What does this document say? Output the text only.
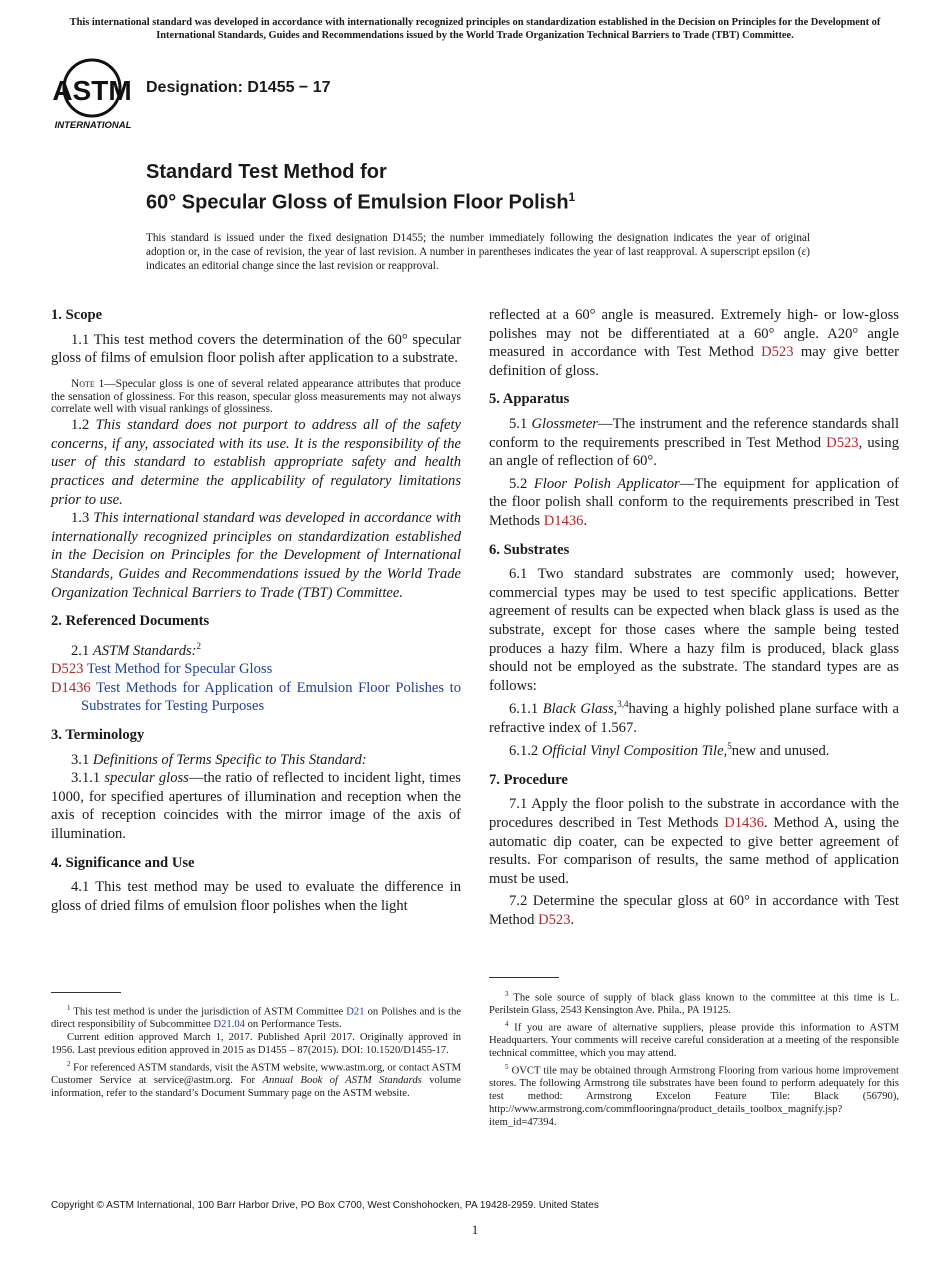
This international standard was developed in accordance with internationally recognized principles on standardization established in the Decision on Principles for the Development of International Standards, Guides and Recommendations issued by the World Trade Organization Technical Barriers to Trade (TBT) Committee.
ASTM
INTERNATIONAL
Designation: D1455 − 17
Standard Test Method for
60° Specular Gloss of Emulsion Floor Polish$^1$
This standard is issued under the fixed designation D1455; the number immediately following the designation indicates the year of original adoption or, in the case of revision, the year of last revision. A number in parentheses indicates the year of last reapproval. A superscript epsilon (ε) indicates an editorial change since the last revision or reapproval.
1. Scope

1.1 This test method covers the determination of the 60° specular gloss of films of emulsion floor polish after application to a substrate.

Note 1—Specular gloss is one of several related appearance attributes that produce the sensation of glossiness. For this reason, specular gloss measurements may not always correlate well with visual rankings of glossiness.

1.2 This standard does not purport to address all of the safety concerns, if any, associated with its use. It is the responsibility of the user of this standard to establish appropriate safety and health practices and determine the applicability of regulatory limitations prior to use.

1.3 This international standard was developed in accordance with internationally recognized principles on standardization established in the Decision on Principles for the Development of International Standards, Guides and Recommendations issued by the World Trade Organization Technical Barriers to Trade (TBT) Committee.

2. Referenced Documents

2.1 ASTM Standards:$^2$

D523 Test Method for Specular Gloss

D1436 Test Methods for Application of Emulsion Floor Polishes to Substrates for Testing Purposes

3. Terminology

3.1 Definitions of Terms Specific to This Standard:

3.1.1 specular gloss—the ratio of reflected to incident light, times 1000, for specified apertures of illumination and reception when the axis of reception coincides with the mirror image of the axis of illumination.

4. Significance and Use

4.1 This test method may be used to evaluate the difference in gloss of dried films of emulsion floor polishes when the light

reflected at a 60° angle is measured. Extremely high- or low-gloss polishes may not be differentiated at a 60° angle. A20° angle measured in accordance with Test Method D523 may give better definition of gloss.

5. Apparatus

5.1 Glossmeter—The instrument and the reference standards shall conform to the requirements prescribed in Test Method D523, using an angle of reflection of 60°.

5.2 Floor Polish Applicator—The equipment for application of the floor polish shall conform to the requirements prescribed in Test Methods D1436.

6. Substrates

6.1 Two standard substrates are commonly used; however, commercial types may be used to test specific applications. Better agreement of results can be expected when black glass is used as the substrate, except for those cases where the sample being tested produces a hazy film. Where a hazy film is produced, black glass should not be employed as the substrate. The standard types are as follows:

6.1.1 Black Glass,$^{3,4}$having a highly polished plane surface with a refractive index of 1.567.

6.1.2 Official Vinyl Composition Tile,$^5$new and unused.

7. Procedure

7.1 Apply the floor polish to the substrate in accordance with the procedures described in Test Methods D1436. Method A, using the automatic dip coater, can be expected to give better agreement of results. For comparison of results, the same method of application must be used.

7.2 Determine the specular gloss at 60° in accordance with Test Method D523.

$^1$ This test method is under the jurisdiction of ASTM Committee D21 on Polishes and is the direct responsibility of Subcommittee D21.04 on Performance Tests.

Current edition approved March 1, 2017. Published April 2017. Originally approved in 1956. Last previous edition approved in 2015 as D1455 – 87(2015). DOI: 10.1520/D1455-17.

$^2$ For referenced ASTM standards, visit the ASTM website, www.astm.org, or contact ASTM Customer Service at service@astm.org. For Annual Book of ASTM Standards volume information, refer to the standard’s Document Summary page on the ASTM website.

$^3$ The sole source of supply of black glass known to the committee at this time is L. Perilstein Glass, 2543 Kensington Ave. Phila., PA 19125.

$^4$ If you are aware of alternative suppliers, please provide this information to ASTM Headquarters. Your comments will receive careful consideration at a meeting of the responsible technical committee, which you may attend.

$^5$ OVCT tile may be obtained through Armstrong Flooring from various home improvement stores. The following Armstrong tile substrates have been found to perform adequately for this test method: Armstrong Excelon Feature Tile: Black (56790), http://www.armstrong.com/commflooringna/product_details_toolbox_magnify.jsp?item_id=47394.

Copyright © ASTM International, 100 Barr Harbor Drive, PO Box C700, West Conshohocken, PA 19428-2959. United States
1
